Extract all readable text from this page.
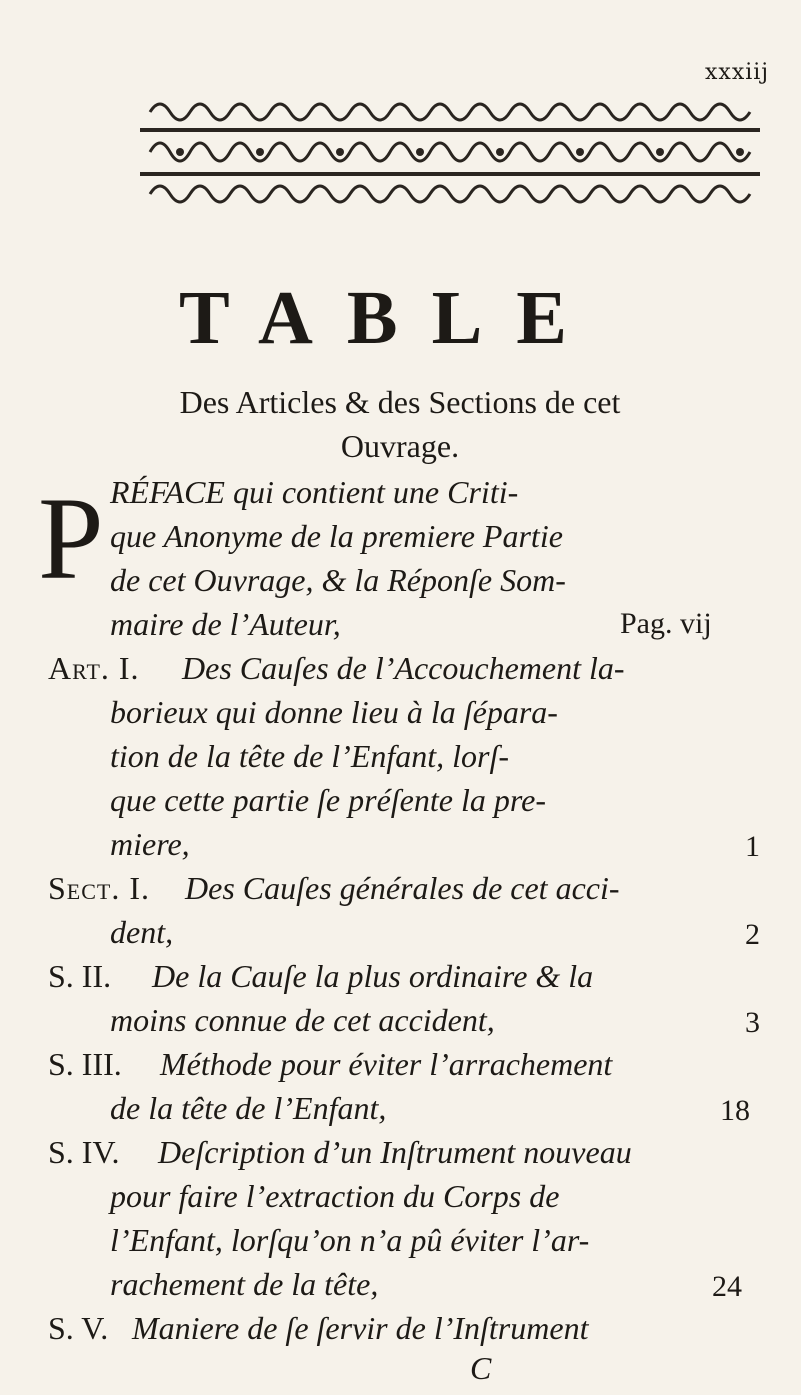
xxxiij
TABLE
Des Articles & des Sections de cet
Ouvrage.
P RÉFACE qui contient une Criti-
que Anonyme de la premiere Partie
de cet Ouvrage, & la Réponſe Som-
maire de l’Auteur,	Pag. vij
Art. I. Des Cauſes de l’Accouchement la-
borieux qui donne lieu à la ſépara-
tion de la tête de l’Enfant, lorſ-
que cette partie ſe préſente la pre-
miere,	1
Sect. I. Des Cauſes générales de cet acci-
dent,	2
S. II. De la Cauſe la plus ordinaire & la
moins connue de cet accident,	3
S. III. Méthode pour éviter l’arrachement
de la tête de l’Enfant,	18
S. IV. Deſcription d’un Inſtrument nouveau
pour faire l’extraction du Corps de
l’Enfant, lorſqu’on n’a pû éviter l’ar-
rachement de la tête,	24
S. V. Maniere de ſe ſervir de l’Inſtrument
C
